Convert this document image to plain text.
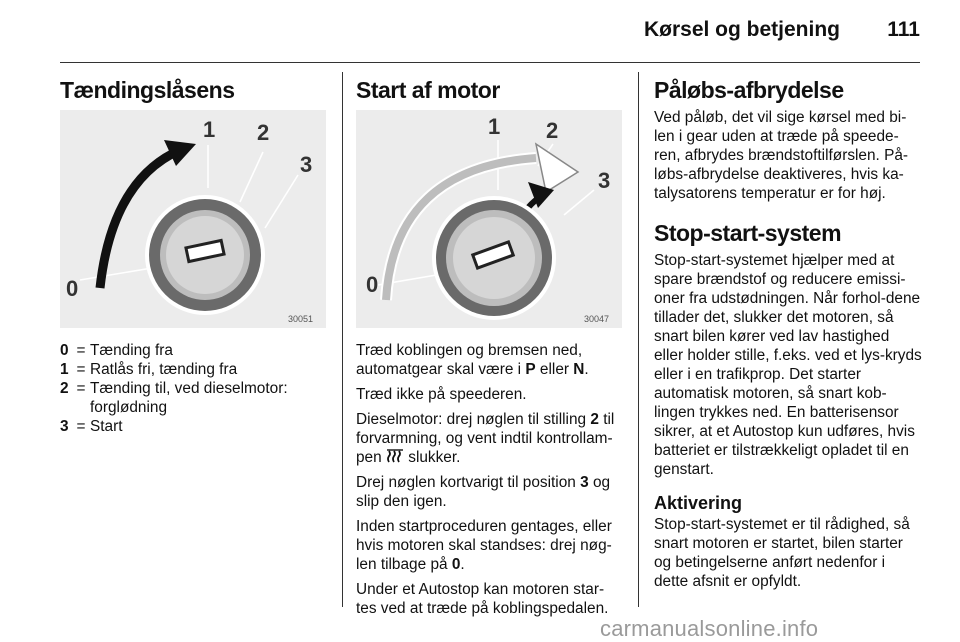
Kørsel og betjening 111
Tændingslåsens
1 2
3
0
30051
0 = Tænding fra
1 = Ratlås fri, tænding fra
2 = Tænding til, ved dieselmotor: forglødning
3 = Start
Start af motor
1 2
3
0
30047

Træd koblingen og bremsen ned, automatgear skal være i P eller N.

Træd ikke på speederen.

Dieselmotor: drej nøglen til stilling 2 til forvarmning, og vent indtil kontrollam-pen  slukker.

Drej nøglen kortvarigt til position 3 og slip den igen.

Inden startproceduren gentages, eller hvis motoren skal standses: drej nøg-len tilbage på 0.

Under et Autostop kan motoren star-tes ved at træde på koblingspedalen.

Påløbs-afbrydelse

Ved påløb, det vil sige kørsel med bi-len i gear uden at træde på speede-ren, afbrydes brændstoftilførslen. På-løbs-afbrydelse deaktiveres, hvis ka-talysatorens temperatur er for høj.

Stop-start-system

Stop-start-systemet hjælper med at spare brændstof og reducere emissi-oner fra udstødningen. Når forhol-dene tillader det, slukker det motoren, så snart bilen kører ved lav hastighed eller holder stille, f.eks. ved et lys-kryds eller i en trafikprop. Det starter automatisk motoren, så snart kob-lingen trykkes ned. En batterisensor sikrer, at et Autostop kun udføres, hvis batteriet er tilstrækkeligt opladet til en genstart.

Aktivering

Stop-start-systemet er til rådighed, så snart motoren er startet, bilen starter og betingelserne anført nedenfor i dette afsnit er opfyldt.

carmanualsonline.info
